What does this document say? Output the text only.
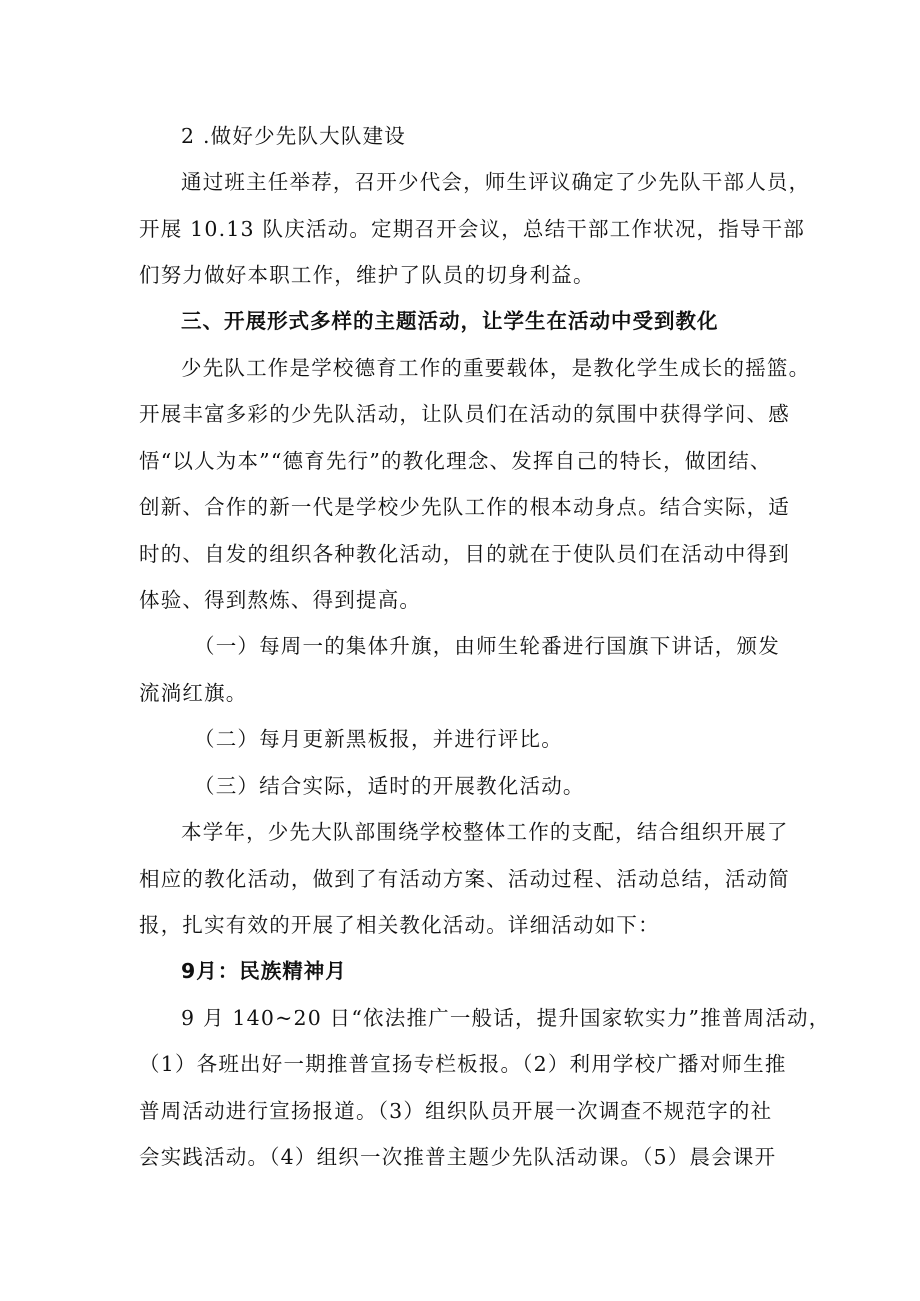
2 .做好少先队大队建设
通过班主任举荐，召开少代会，师生评议确定了少先队干部人员，
开展 10.13 队庆活动。定期召开会议，总结干部工作状况，指导干部
们努力做好本职工作，维护了队员的切身利益。
三、开展形式多样的主题活动，让学生在活动中受到教化
少先队工作是学校德育工作的重要载体，是教化学生成长的摇篮。
开展丰富多彩的少先队活动，让队员们在活动的氛围中获得学问、感
悟“以人为本”“德育先行”的教化理念、发挥自己的特长，做团结、
创新、合作的新一代是学校少先队工作的根本动身点。结合实际，适
时的、自发的组织各种教化活动，目的就在于使队员们在活动中得到
体验、得到熬炼、得到提高。
（一）每周一的集体升旗，由师生轮番进行国旗下讲话，颁发
流淌红旗。
（二）每月更新黑板报，并进行评比。
（三）结合实际，适时的开展教化活动。
本学年，少先大队部围绕学校整体工作的支配，结合组织开展了
相应的教化活动，做到了有活动方案、活动过程、活动总结，活动简
报，扎实有效的开展了相关教化活动。详细活动如下：
9月：民族精神月
9 月 140~20 日“依法推广一般话，提升国家软实力”推普周活动，
（1）各班出好一期推普宣扬专栏板报。（2）利用学校广播对师生推
普周活动进行宣扬报道。（3）组织队员开展一次调查不规范字的社
会实践活动。（4）组织一次推普主题少先队活动课。（5）晨会课开
